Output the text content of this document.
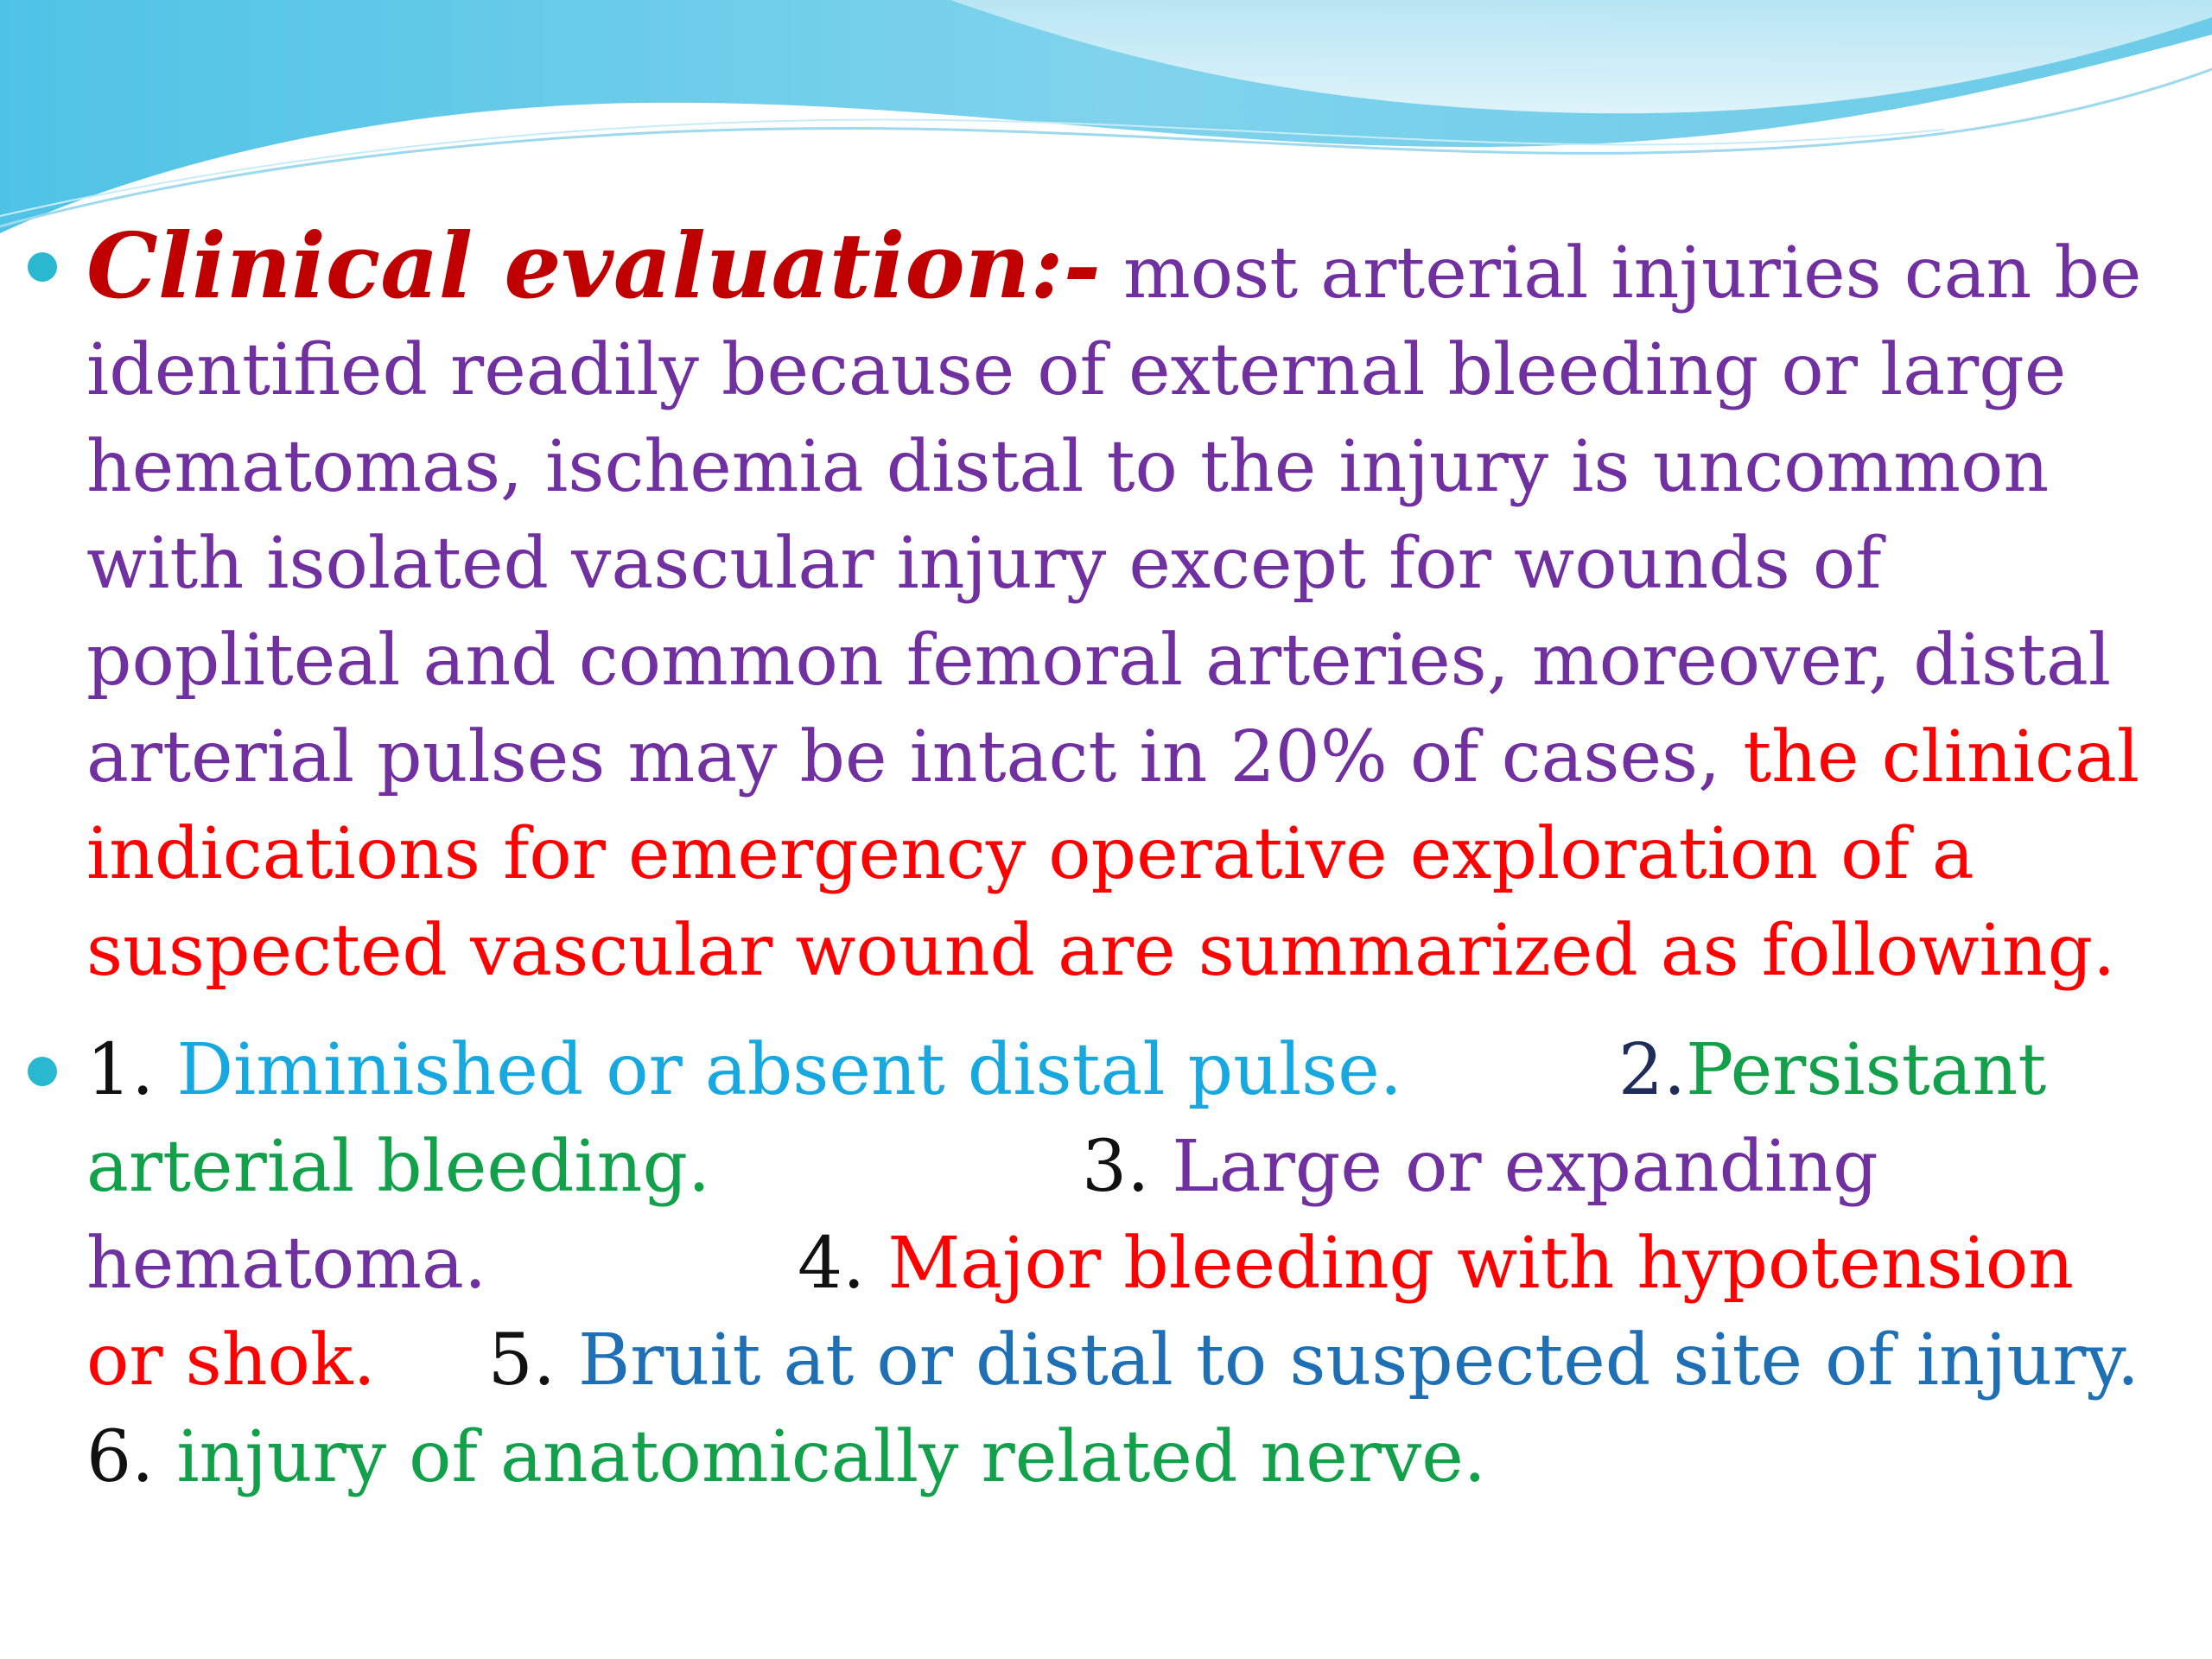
Clinical evaluation:- most arterial injuries can be identified readily because of external bleeding or large hematomas, ischemia distal to the injury is uncommon with isolated vascular injury except for wounds of popliteal and common femoral arteries, moreover, distal arterial pulses may be intact in 20% of cases, the clinical indications for emergency operative exploration of a suspected vascular wound are summarized as following.
1. Diminished or absent distal pulse.	2.Persistant arterial bleeding.	3. Large or expanding hematoma.	4. Major bleeding with hypotension or shok. 5. Bruit at or distal to suspected site of injury.
6. injury of anatomically related nerve.
